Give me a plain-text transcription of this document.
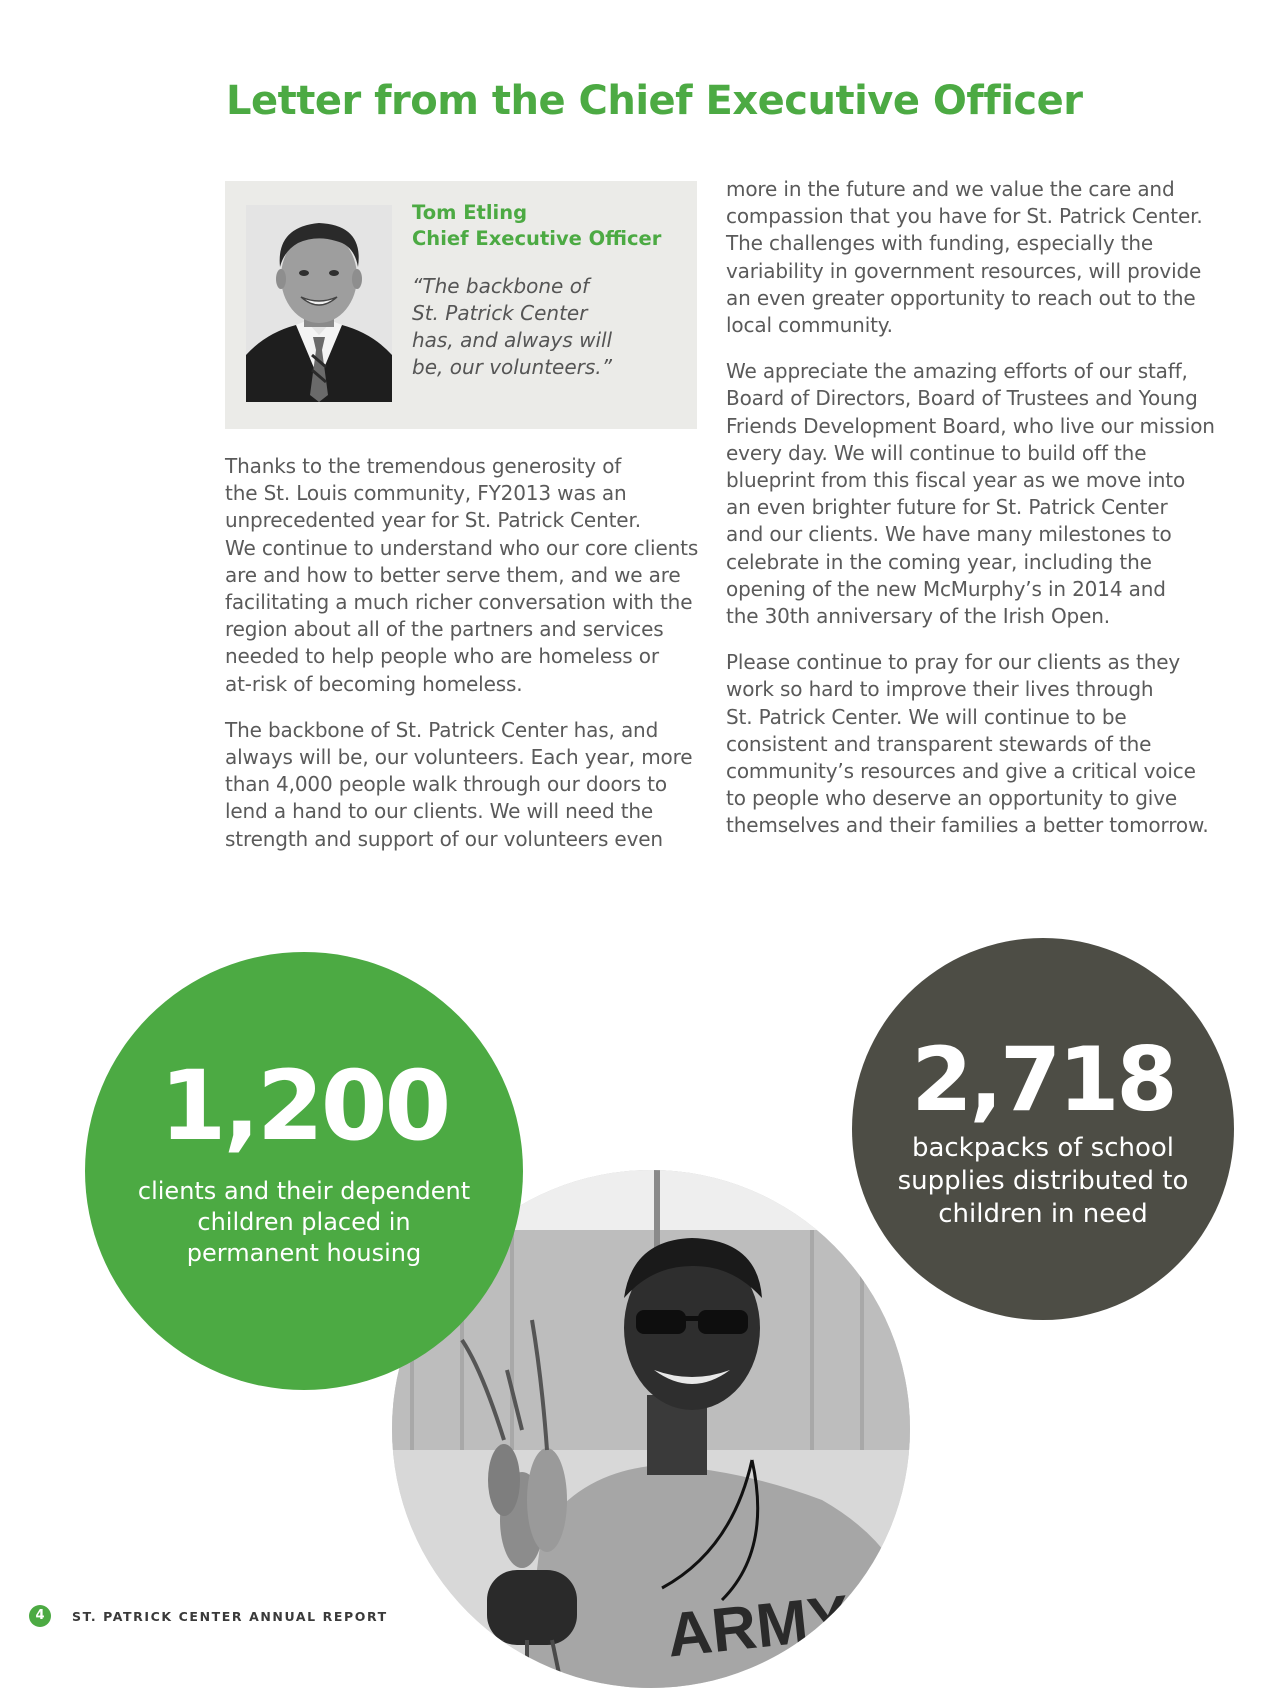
Letter from the Chief Executive Officer

Tom Etling

Chief Executive Officer

“The backbone of
St. Patrick Center
has, and always will
be, our volunteers.”

Thanks to the tremendous generosity of
the St. Louis community, FY2013 was an
unprecedented year for St. Patrick Center.
We continue to understand who our core clients
are and how to better serve them, and we are
facilitating a much richer conversation with the
region about all of the partners and services
needed to help people who are homeless or
at-risk of becoming homeless.

The backbone of St. Patrick Center has, and
always will be, our volunteers. Each year, more
than 4,000 people walk through our doors to
lend a hand to our clients. We will need the
strength and support of our volunteers even

more in the future and we value the care and
compassion that you have for St. Patrick Center.
The challenges with funding, especially the
variability in government resources, will provide
an even greater opportunity to reach out to the
local community.

We appreciate the amazing efforts of our staff,
Board of Directors, Board of Trustees and Young
Friends Development Board, who live our mission
every day. We will continue to build off the
blueprint from this fiscal year as we move into
an even brighter future for St. Patrick Center
and our clients. We have many milestones to
celebrate in the coming year, including the
opening of the new McMurphy’s in 2014 and
the 30th anniversary of the Irish Open.

Please continue to pray for our clients as they
work so hard to improve their lives through
St. Patrick Center. We will continue to be
consistent and transparent stewards of the
community’s resources and give a critical voice
to people who deserve an opportunity to give
themselves and their families a better tomorrow.

ARMY

1,200

clients and their dependent
children placed in
permanent housing

2,718

backpacks of school
supplies distributed to
children in need

4	ST. PATRICK CENTER ANNUAL REPORT
